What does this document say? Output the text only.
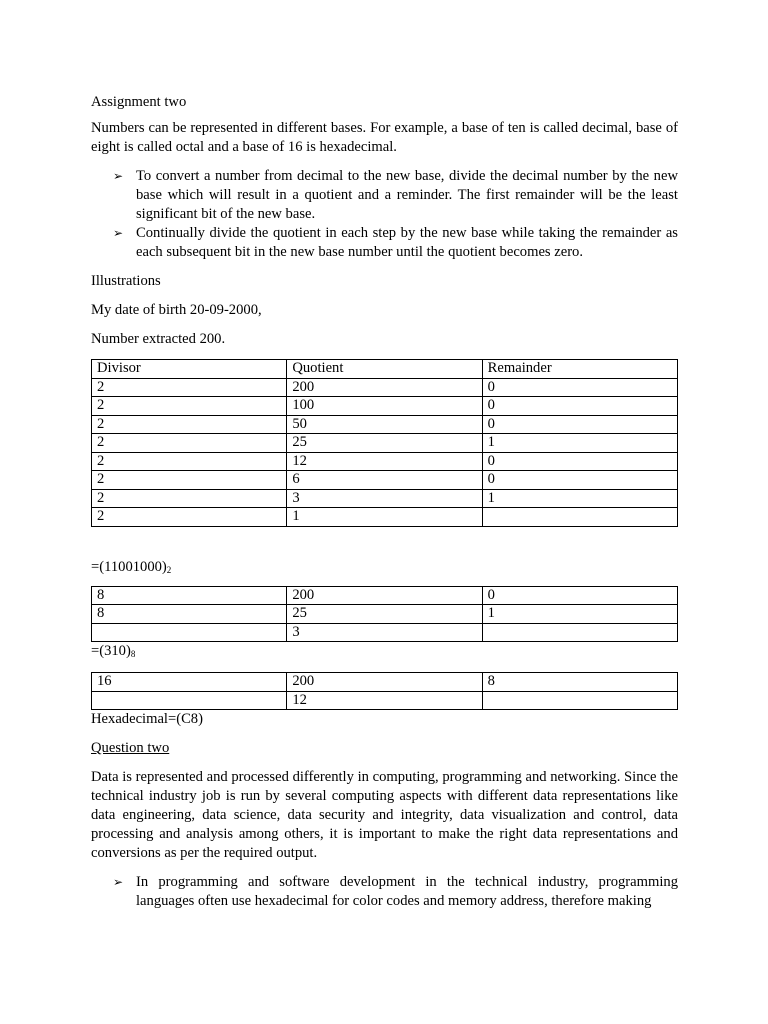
Assignment two

Numbers can be represented in different bases. For example, a base of ten is called decimal, base of eight is called octal and a base of 16 is hexadecimal.

➢ To convert a number from decimal to the new base, divide the decimal number by the new base which will result in a quotient and a reminder. The first remainder will be the least significant bit of the new base.
➢ Continually divide the quotient in each step by the new base while taking the remainder as each subsequent bit in the new base number until the quotient becomes zero.

Illustrations

My date of birth 20-09-2000,

Number extracted 200.

Divisor	Quotient	Remainder
2	200	0
2	100	0
2	50	0
2	25	1
2	12	0
2	6	0
2	3	1
2	1	

$=(11001000)_2$

8	200	0
8	25	1
	3	

$=(310)_8$

16	200	8
	12	

Hexadecimal=(C8)

Question two

Data is represented and processed differently in computing, programming and networking. Since the technical industry job is run by several computing aspects with different data representations like data engineering, data science, data security and integrity, data visualization and control, data processing and analysis among others, it is important to make the right data representations and conversions as per the required output.

➢ In programming and software development in the technical industry, programming languages often use hexadecimal for color codes and memory address, therefore making
